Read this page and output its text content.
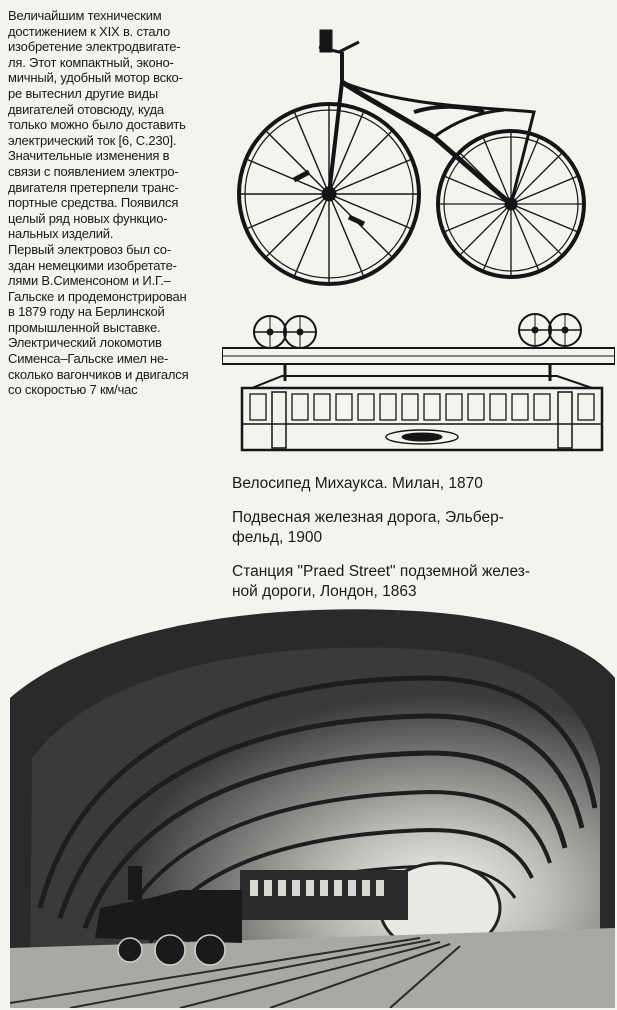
Величайшим техническим
достижением к XIX в. стало
изобретение электродвигате-
ля. Этот компактный, эконо-
мичный, удобный мотор вско-
ре вытеснил другие виды
двигателей отовсюду, куда
только можно было доставить
электрический ток [6, С.230].
Значительные изменения в
связи с появлением электро-
двигателя претерпели транс-
портные средства. Появился
целый ряд новых функцио-
нальных изделий.
Первый электровоз был со-
здан немецкими изобретате-
лями В.Сименсоном и И.Г.–
Гальске и продемонстрирован
в 1879 году на Берлинской
промышленной выставке.
Электрический локомотив
Сименса–Гальске имел не-
сколько вагончиков и двигался
со скоростью 7 км/час

Велосипед Михаукса. Милан, 1870

Подвесная железная дорога, Эльбер-
фельд, 1900

Станция "Praed Street" подземной желез-
ной дороги, Лондон, 1863
